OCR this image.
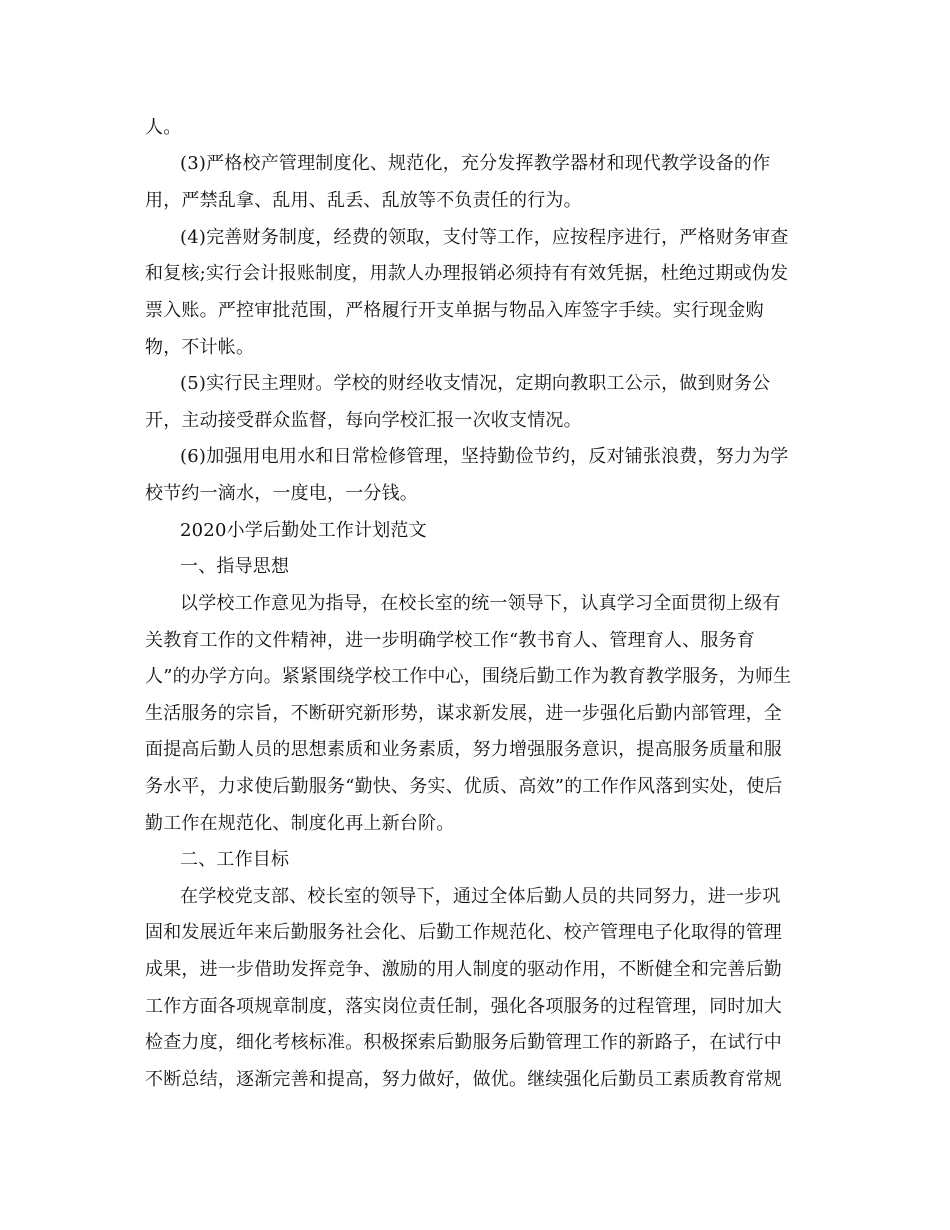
人。
(3)严格校产管理制度化、规范化，充分发挥教学器材和现代教学设备的作
用，严禁乱拿、乱用、乱丢、乱放等不负责任的行为。
(4)完善财务制度，经费的领取，支付等工作，应按程序进行，严格财务审查
和复核;实行会计报账制度，用款人办理报销必须持有有效凭据，杜绝过期或伪发
票入账。严控审批范围，严格履行开支单据与物品入库签字手续。实行现金购
物，不计帐。
(5)实行民主理财。学校的财经收支情况，定期向教职工公示，做到财务公
开，主动接受群众监督，每向学校汇报一次收支情况。
(6)加强用电用水和日常检修管理，坚持勤俭节约，反对铺张浪费，努力为学
校节约一滴水，一度电，一分钱。
2020小学后勤处工作计划范文
一、指导思想
以学校工作意见为指导，在校长室的统一领导下，认真学习全面贯彻上级有
关教育工作的文件精神，进一步明确学校工作“教书育人、管理育人、服务育
人”的办学方向。紧紧围绕学校工作中心，围绕后勤工作为教育教学服务，为师生
生活服务的宗旨，不断研究新形势，谋求新发展，进一步强化后勤内部管理，全
面提高后勤人员的思想素质和业务素质，努力增强服务意识，提高服务质量和服
务水平，力求使后勤服务“勤快、务实、优质、高效”的工作作风落到实处，使后
勤工作在规范化、制度化再上新台阶。
二、工作目标
在学校党支部、校长室的领导下，通过全体后勤人员的共同努力，进一步巩
固和发展近年来后勤服务社会化、后勤工作规范化、校产管理电子化取得的管理
成果，进一步借助发挥竞争、激励的用人制度的驱动作用，不断健全和完善后勤
工作方面各项规章制度，落实岗位责任制，强化各项服务的过程管理，同时加大
检查力度，细化考核标准。积极探索后勤服务后勤管理工作的新路子，在试行中
不断总结，逐渐完善和提高，努力做好，做优。继续强化后勤员工素质教育常规
